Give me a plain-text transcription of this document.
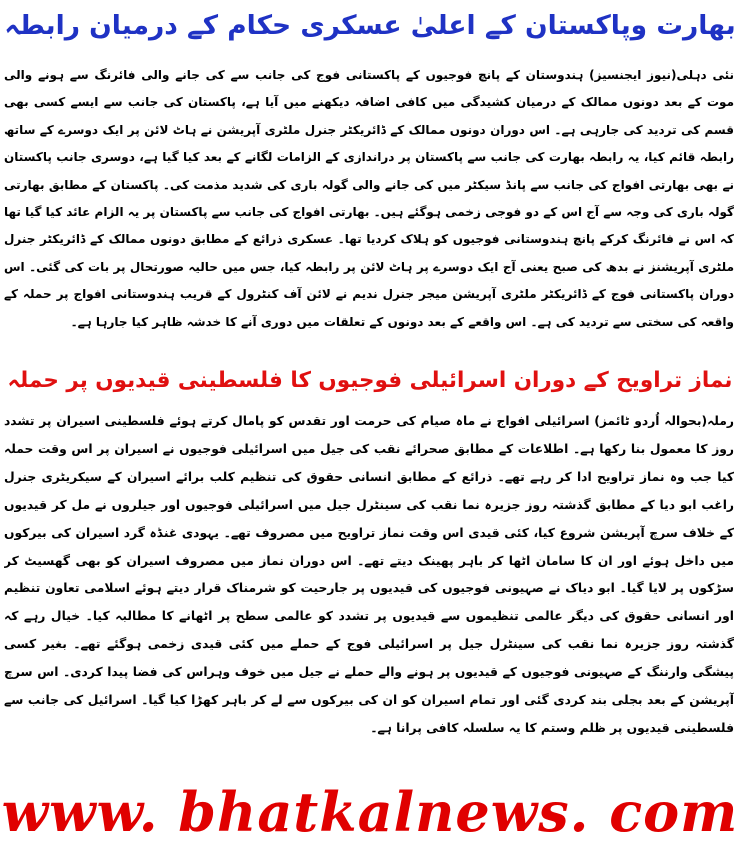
بھارت وپاکستان کے اعلیٰ عسکری حکام کے درمیان رابطہ

نئی دہلی(نیوز ایجنسیز) ہندوستان کے پانچ فوجیوں کے پاکستانی فوج کی جانب سے کی جانے والی فائرنگ سے ہونے والی موت کے بعد دونوں ممالک کے درمیان کشیدگی میں کافی اضافہ دیکھنے میں آیا ہے، پاکستان کی جانب سے ایسے کسی بھی قسم کی تردید کی جارہی ہے۔ اس دوران دونوں ممالک کے ڈائریکٹر جنرل ملٹری آپریشن نے ہاٹ لائن پر ایک دوسرے کے ساتھ رابطہ قائم کیا، یہ رابطہ بھارت کی جانب سے پاکستان پر دراندازی کے الزامات لگانے کے بعد کیا گیا ہے، دوسری جانب پاکستان نے بھی بھارتی افواج کی جانب سے پانڈ سیکٹر میں کی جانے والی گولہ باری کی شدید مذمت کی۔ پاکستان کے مطابق بھارتی گولہ باری کی وجہ سے آج اس کے دو فوجی زخمی ہوگئے ہیں۔ بھارتی افواج کی جانب سے پاکستان پر یہ الزام عائد کیا گیا تھا کہ اس نے فائرنگ کرکے پانچ ہندوستانی فوجیوں کو ہلاک کردیا تھا۔ عسکری ذرائع کے مطابق دونوں ممالک کے ڈائریکٹر جنرل ملٹری آپریشنز نے بدھ کی صبح یعنی آج ایک دوسرے پر ہاٹ لائن پر رابطہ کیا، جس میں حالیہ صورتحال پر بات کی گئی۔ اس دوران پاکستانی فوج کے ڈائریکٹر ملٹری آپریشن میجر جنرل ندیم نے لائن آف کنٹرول کے قریب ہندوستانی افواج پر حملہ کے واقعہ کی سختی سے تردید کی ہے۔ اس واقعے کے بعد دونوں کے تعلقات میں دوری آنے کا خدشہ ظاہر کیا جارہا ہے۔

نماز تراویح کے دوران اسرائیلی فوجیوں کا فلسطینی قیدیوں پر حملہ

رملہ(بحوالہ اُردو ٹائمز) اسرائیلی افواج نے ماہ صیام کی حرمت اور تقدس کو پامال کرتے ہوئے فلسطینی اسیران پر تشدد روز کا معمول بنا رکھا ہے۔ اطلاعات کے مطابق صحرائے نقب کی جیل میں اسرائیلی فوجیوں نے اسیران پر اس وقت حملہ کیا جب وہ نماز تراویح ادا کر رہے تھے۔ ذرائع کے مطابق انسانی حقوق کی تنظیم کلب برائے اسیران کے سیکریٹری جنرل راغب ابو دیا کے مطابق گذشتہ روز جزیرہ نما نقب کی سینٹرل جیل میں اسرائیلی فوجیوں اور جیلروں نے مل کر قیدیوں کے خلاف سرچ آپریشن شروع کیا، کئی قیدی اس وقت نماز تراویح میں مصروف تھے۔ یہودی غنڈہ گرد اسیران کی بیرکوں میں داخل ہوئے اور ان کا سامان اٹھا کر باہر پھینک دیتے تھے۔ اس دوران نماز میں مصروف اسیران کو بھی گھسیٹ کر سڑکوں پر لایا گیا۔ ابو دیاک نے صہیونی فوجیوں کی قیدیوں پر جارحیت کو شرمناک قرار دیتے ہوئے اسلامی تعاون تنظیم اور انسانی حقوق کی دیگر عالمی تنظیموں سے قیدیوں پر تشدد کو عالمی سطح پر اٹھانے کا مطالبہ کیا۔ خیال رہے کہ گذشتہ روز جزیرہ نما نقب کی سینٹرل جیل پر اسرائیلی فوج کے حملے میں کئی قیدی زخمی ہوگئے تھے۔ بغیر کسی پیشگی وارننگ کے صہیونی فوجیوں کے قیدیوں پر ہونے والے حملے نے جیل میں خوف وہراس کی فضا پیدا کردی۔ اس سرچ آپریشن کے بعد بجلی بند کردی گئی اور تمام اسیران کو ان کی بیرکوں سے لے کر باہر کھڑا کیا گیا۔ اسرائیل کی جانب سے فلسطینی قیدیوں پر ظلم وستم کا یہ سلسلہ کافی پرانا ہے۔

www. bhatkalnews. com
